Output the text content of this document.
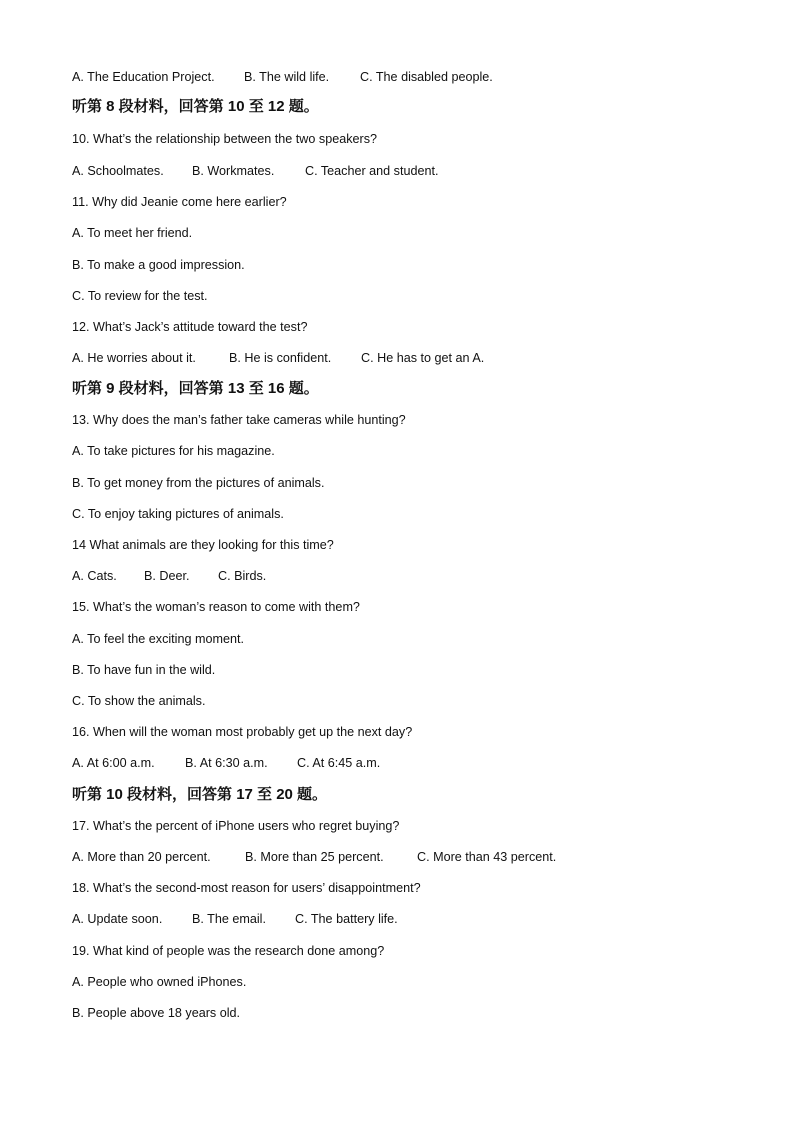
A. The Education Project. B. The wild life. C. The disabled people.
听第 8 段材料，回答第 10 至 12 题。
10. What’s the relationship between the two speakers?
A. Schoolmates. B. Workmates. C. Teacher and student.
11. Why did Jeanie come here earlier?
A. To meet her friend.
B. To make a good impression.
C. To review for the test.
12. What’s Jack’s attitude toward the test?
A. He worries about it.	B. He is confident. C. He has to get an A.
听第 9 段材料，回答第 13 至 16 题。
13. Why does the man’s father take cameras while hunting?
A. To take pictures for his magazine.
B. To get money from the pictures of animals.
C. To enjoy taking pictures of animals.
14 What animals are they looking for this time?
A. Cats. B. Deer. C. Birds.
15. What’s the woman’s reason to come with them?
A. To feel the exciting moment.
B. To have fun in the wild.
C. To show the animals.
16. When will the woman most probably get up the next day?
A. At 6:00 a.m. B. At 6:30 a.m. C. At 6:45 a.m.
听第 10 段材料，回答第 17 至 20 题。
17. What’s the percent of iPhone users who regret buying?
A. More than 20 percent.	B. More than 25 percent.	C. More than 43 percent.
18. What’s the second-most reason for users’ disappointment?
A. Update soon. B. The email. C. The battery life.
19. What kind of people was the research done among?
A. People who owned iPhones.
B. People above 18 years old.
